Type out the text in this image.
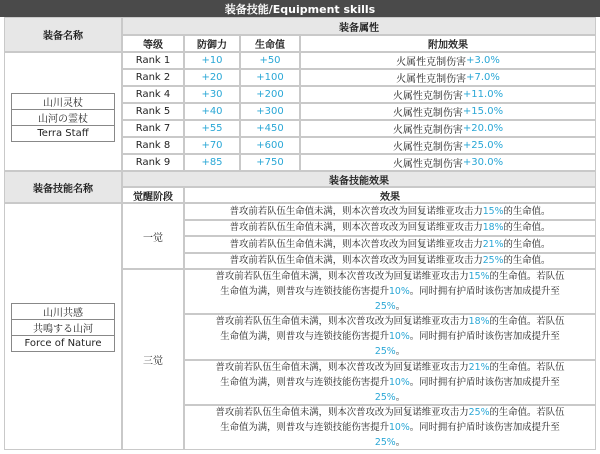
装备技能/Equipment skills
装备名称
装备属性
等级	防御力	生命值	附加效果
山川灵杖
山河の霊杖
Terra Staff
Rank 1	+10	+50	火属性克制伤害 +3.0%
Rank 2	+20	+100	火属性克制伤害 +7.0%
Rank 4	+30	+200	火属性克制伤害 +11.0%
Rank 5	+40	+300	火属性克制伤害 +15.0%
Rank 7	+55	+450	火属性克制伤害 +20.0%
Rank 8	+70	+600	火属性克制伤害 +25.0%
Rank 9	+85	+750	火属性克制伤害 +30.0%
装备技能名称
装备技能效果
觉醒阶段	效果
山川共感
共鳴する山河
Force of Nature
一觉
普攻前若队伍生命值未满，则本次普攻改为回复诺维亚攻击力15%的生命值。
普攻前若队伍生命值未满，则本次普攻改为回复诺维亚攻击力18%的生命值。
普攻前若队伍生命值未满，则本次普攻改为回复诺维亚攻击力21%的生命值。
普攻前若队伍生命值未满，则本次普攻改为回复诺维亚攻击力25%的生命值。
三觉
普攻前若队伍生命值未满，则本次普攻改为回复诺维亚攻击力15%的生命值。若队伍
生命值为满，则普攻与连锁技能伤害提升10%。同时拥有护盾时该伤害加成提升至
25%。
普攻前若队伍生命值未满，则本次普攻改为回复诺维亚攻击力18%的生命值。若队伍
生命值为满，则普攻与连锁技能伤害提升10%。同时拥有护盾时该伤害加成提升至
25%。
普攻前若队伍生命值未满，则本次普攻改为回复诺维亚攻击力21%的生命值。若队伍
生命值为满，则普攻与连锁技能伤害提升10%。同时拥有护盾时该伤害加成提升至
25%。
普攻前若队伍生命值未满，则本次普攻改为回复诺维亚攻击力25%的生命值。若队伍
生命值为满，则普攻与连锁技能伤害提升10%。同时拥有护盾时该伤害加成提升至
25%。
